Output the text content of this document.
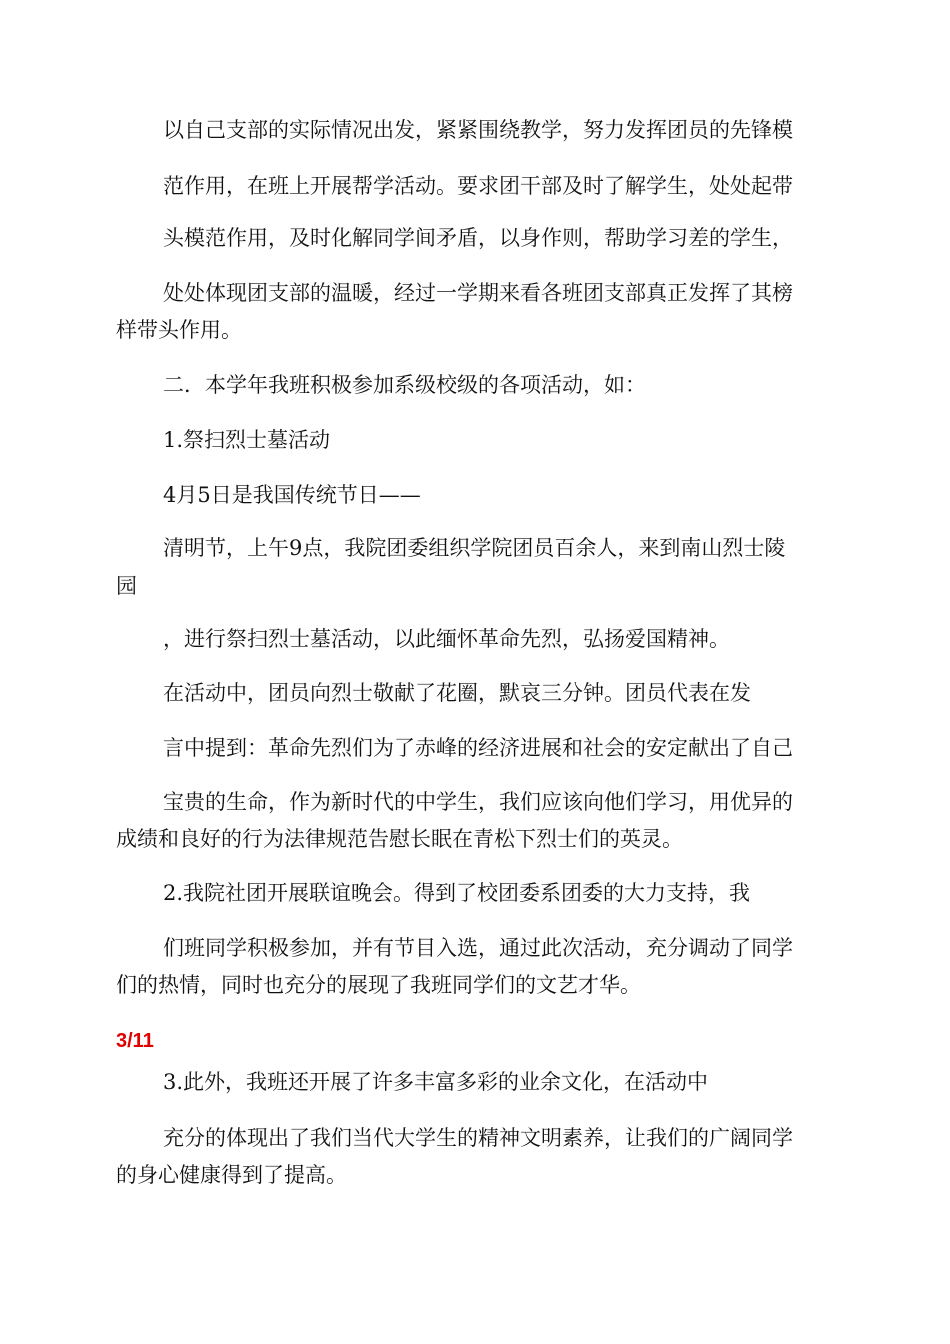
以自己支部的实际情况出发，紧紧围绕教学，努力发挥团员的先锋模

范作用，在班上开展帮学活动。要求团干部及时了解学生，处处起带

头模范作用，及时化解同学间矛盾，以身作则，帮助学习差的学生，

处处体现团支部的温暖，经过一学期来看各班团支部真正发挥了其榜

样带头作用。

二．本学年我班积极参加系级校级的各项活动，如：

1.祭扫烈士墓活动

4月5日是我国传统节日——

清明节，上午9点，我院团委组织学院团员百余人，来到南山烈士陵

园

，进行祭扫烈士墓活动，以此缅怀革命先烈，弘扬爱国精神。

在活动中，团员向烈士敬献了花圈，默哀三分钟。团员代表在发

言中提到：革命先烈们为了赤峰的经济进展和社会的安定献出了自己

宝贵的生命，作为新时代的中学生，我们应该向他们学习，用优异的

成绩和良好的行为法律规范告慰长眠在青松下烈士们的英灵。

2.我院社团开展联谊晚会。得到了校团委系团委的大力支持，我

们班同学积极参加，并有节目入选，通过此次活动，充分调动了同学

们的热情，同时也充分的展现了我班同学们的文艺才华。

3/11

3.此外，我班还开展了许多丰富多彩的业余文化，在活动中

充分的体现出了我们当代大学生的精神文明素养，让我们的广阔同学

的身心健康得到了提高。
